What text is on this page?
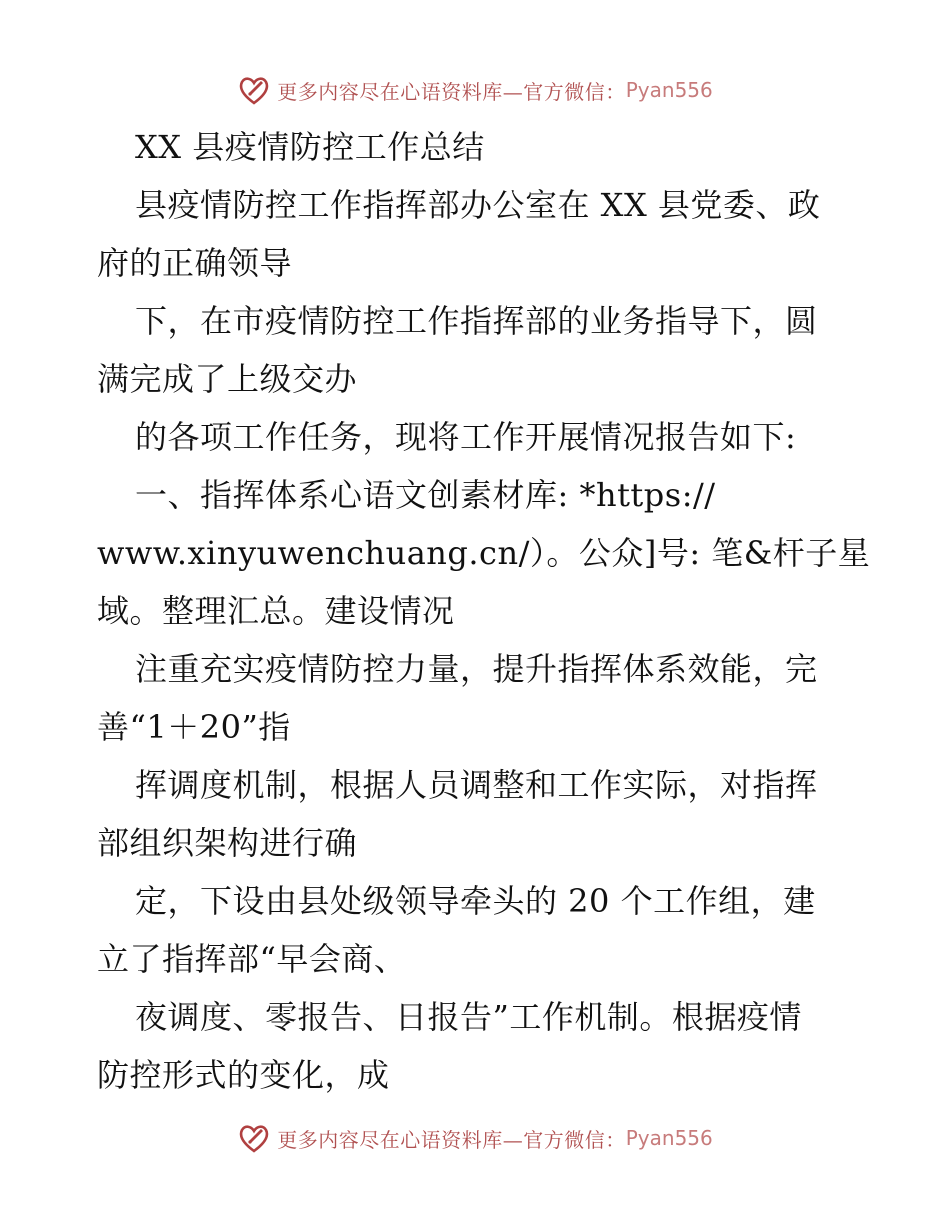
更多内容尽在心语资料库—官方微信： Pyan556
XX 县疫情防控工作总结
县疫情防控工作指挥部办公室在 XX 县党委、政
府的正确领导
下，在市疫情防控工作指挥部的业务指导下，圆
满完成了上级交办
的各项工作任务，现将工作开展情况报告如下:
一、指挥体系心语文创素材库: *https://
www.xinyuwenchuang.cn/）。公众]号: 笔&杆子星
域。整理汇总。建设情况
注重充实疫情防控力量，提升指挥体系效能，完
善“1＋20”指
挥调度机制，根据人员调整和工作实际，对指挥
部组织架构进行确
定，下设由县处级领导牵头的 20 个工作组，建
立了指挥部“早会商、
夜调度、零报告、日报告”工作机制。根据疫情
防控形式的变化，成
更多内容尽在心语资料库—官方微信： Pyan556
